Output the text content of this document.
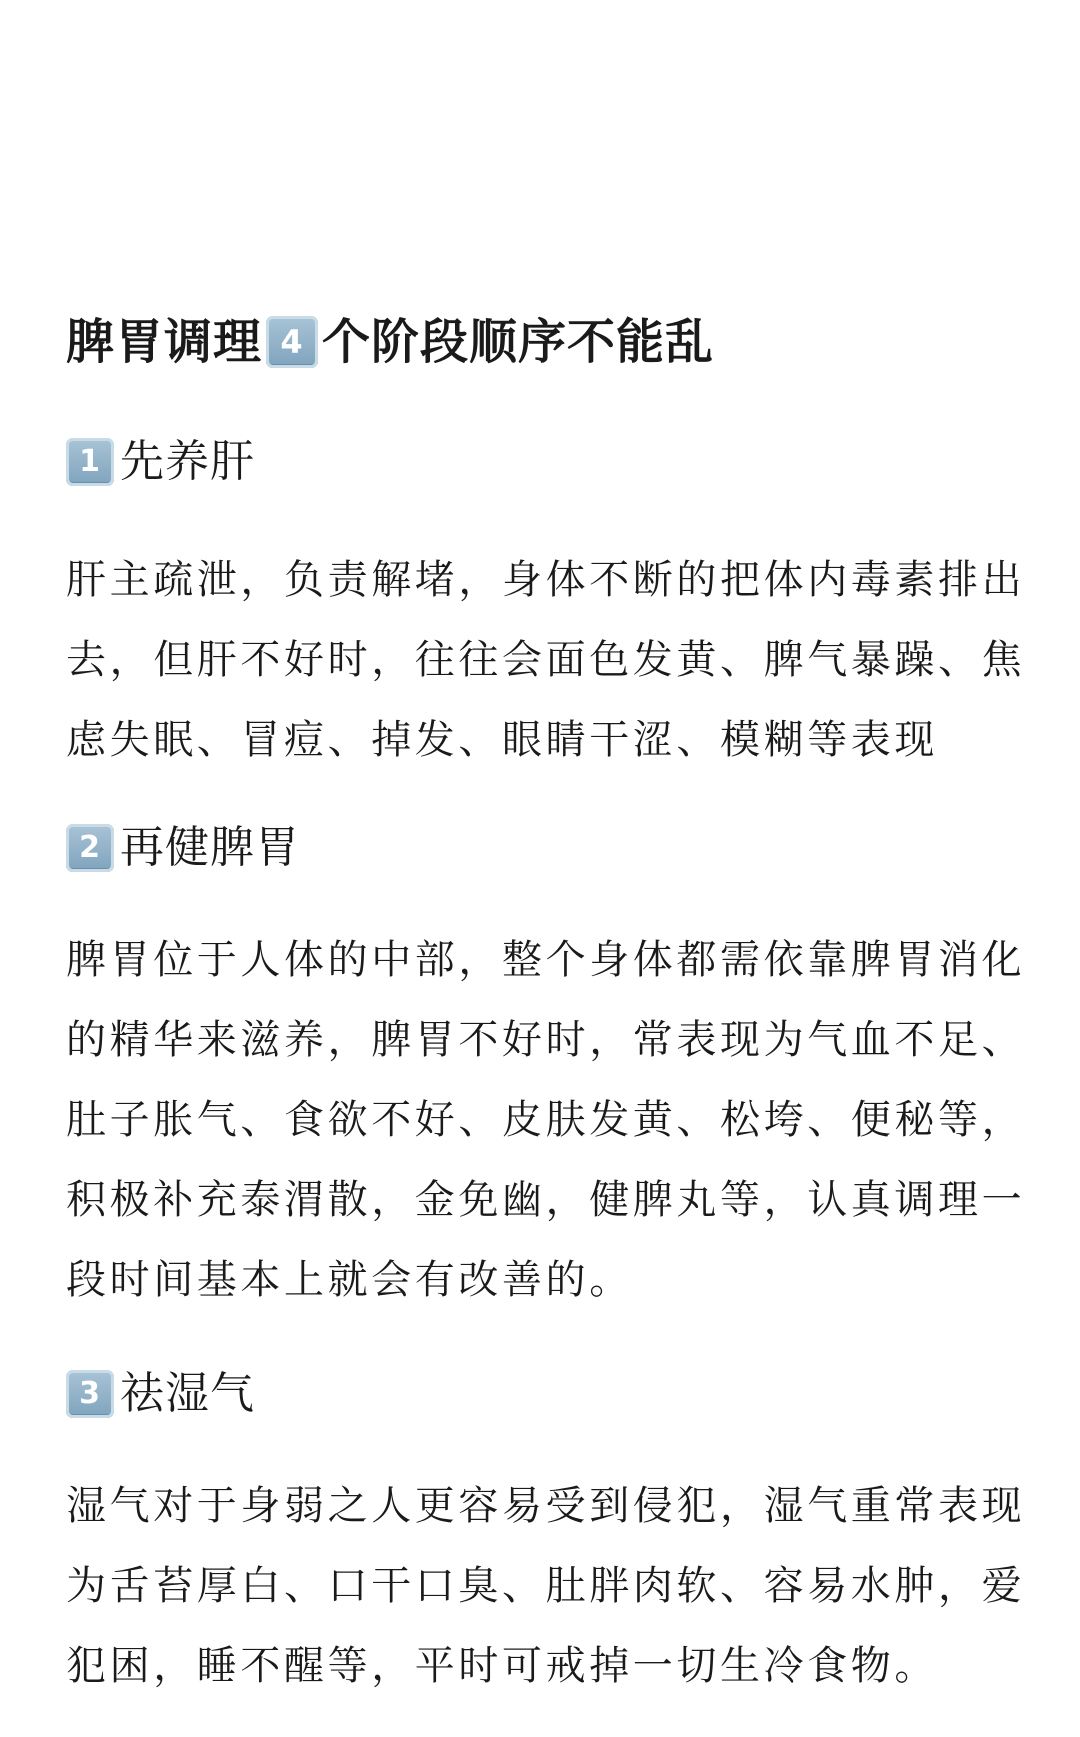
脾胃调理 4 个阶段顺序不能乱
1 先养肝

肝主疏泄，负责解堵，身体不断的把体内毒素排出去，但肝不好时，往往会面色发黄、脾气暴躁、焦虑失眠、冒痘、掉发、眼睛干涩、模糊等表现

2 再健脾胃

脾胃位于人体的中部，整个身体都需依靠脾胃消化的精华来滋养，脾胃不好时，常表现为气血不足、肚子胀气、食欲不好、皮肤发黄、松垮、便秘等，积极补充泰渭散，金免幽，健脾丸等，认真调理一段时间基本上就会有改善的。

3 祛湿气

湿气对于身弱之人更容易受到侵犯，湿气重常表现为舌苔厚白、口干口臭、肚胖肉软、容易水肿，爱犯困，睡不醒等，平时可戒掉一切生冷食物。
